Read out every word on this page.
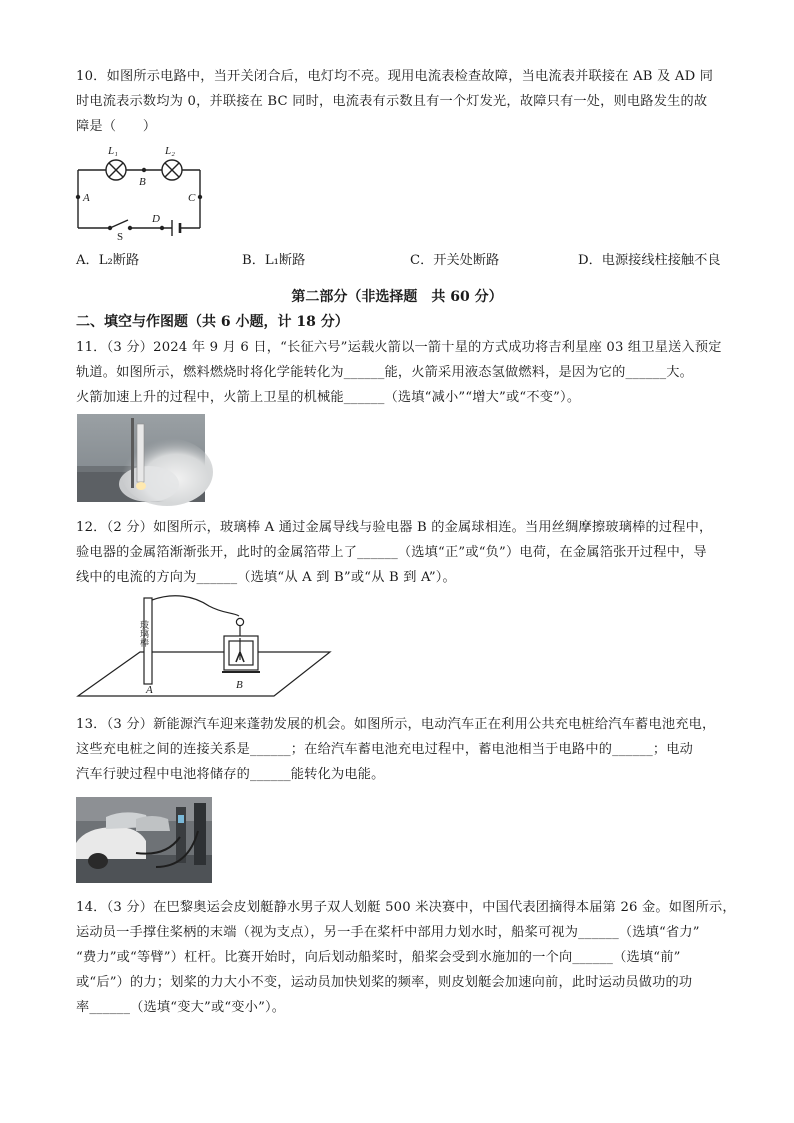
10．如图所示电路中，当开关闭合后，电灯均不亮。现用电流表检查故障，当电流表并联接在 AB 及 AD 同
时电流表示数均为 0，并联接在 BC 同时，电流表有示数且有一个灯发光，故障只有一处，则电路发生的故
障是（　　）
L₁	L₂
B
A	C
D
S
A．L₂断路	B．L₁断路	C．开关处断路	D．电源接线柱接触不良
第二部分（非选择题　共 60 分）
二、填空与作图题（共 6 小题，计 18 分）
11．（3 分）2024 年 9 月 6 日，“长征六号”运载火箭以一箭十星的方式成功将吉利星座 03 组卫星送入预定
轨道。如图所示，燃料燃烧时将化学能转化为______能，火箭采用液态氢做燃料，是因为它的______大。
火箭加速上升的过程中，火箭上卫星的机械能______（选填“减小”“增大”或“不变”）。
12．（2 分）如图所示，玻璃棒 A 通过金属导线与验电器 B 的金属球相连。当用丝绸摩擦玻璃棒的过程中，
验电器的金属箔渐渐张开，此时的金属箔带上了______（选填“正”或“负”）电荷，在金属箔张开过程中，导
线中的电流的方向为______（选填“从 A 到 B”或“从 B 到 A”）。
玻璃棒
A	B
13．（3 分）新能源汽车迎来蓬勃发展的机会。如图所示，电动汽车正在利用公共充电桩给汽车蓄电池充电，
这些充电桩之间的连接关系是______；在给汽车蓄电池充电过程中，蓄电池相当于电路中的______；电动
汽车行驶过程中电池将储存的______能转化为电能。
14．（3 分）在巴黎奥运会皮划艇静水男子双人划艇 500 米决赛中，中国代表团摘得本届第 26 金。如图所示，
运动员一手撑住桨柄的末端（视为支点），另一手在桨杆中部用力划水时，船桨可视为______（选填“省力”
“费力”或“等臂”）杠杆。比赛开始时，向后划动船桨时，船桨会受到水施加的一个向______（选填“前”
或“后”）的力；划桨的力大小不变，运动员加快划桨的频率，则皮划艇会加速向前，此时运动员做功的功
率______（选填“变大”或“变小”）。
